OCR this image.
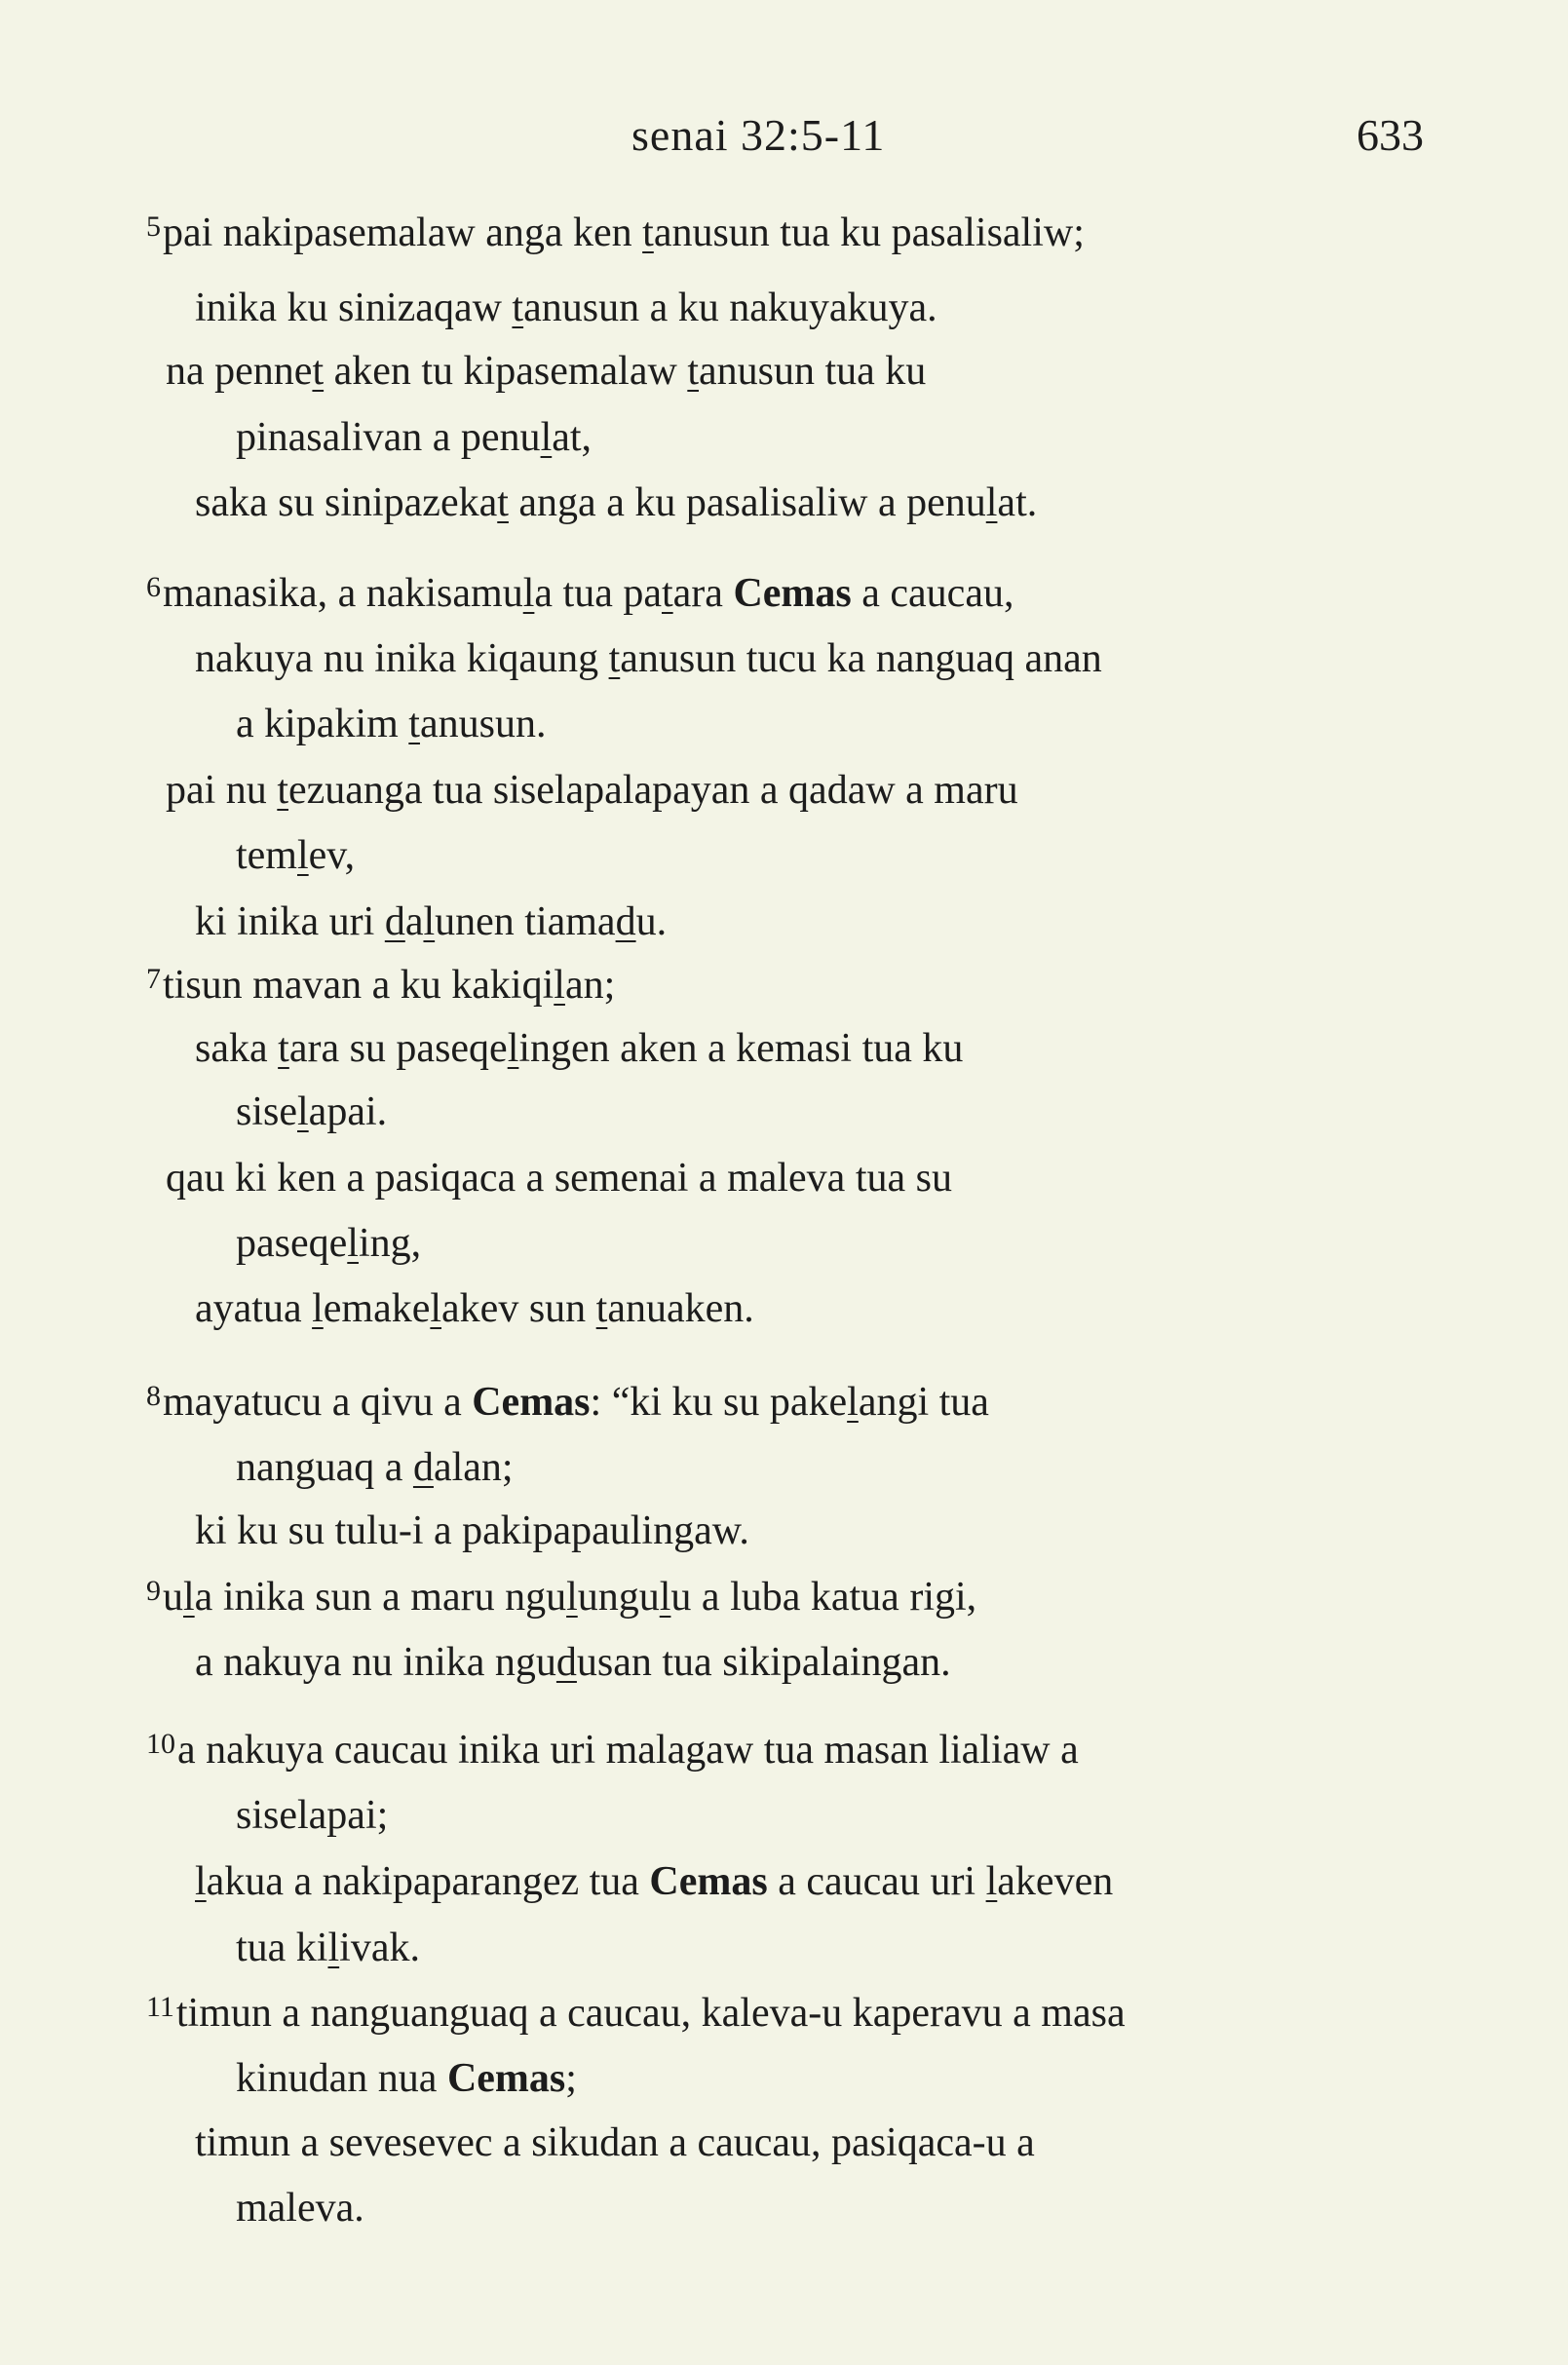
senai 32:5-11	633
$^5$pai nakipasemalaw anga ken tanusun tua ku pasalisaliw;
inika ku sinizaqaw tanusun a ku nakuyakuya.
na pennet aken tu kipasemalaw tanusun tua ku
pinasalivan a penulat,
saka su sinipazekat anga a ku pasalisaliw a penulat.
$^6$manasika, a nakisamula tua patara Cemas a caucau,
nakuya nu inika kiqaung tanusun tucu ka nanguaq anan
a kipakim tanusun.
pai nu tezuanga tua siselapalapayan a qadaw a maru
temlev,
ki inika uri dalunen tiamadu.
$^7$tisun mavan a ku kakiqilan;
saka tara su paseqelingen aken a kemasi tua ku
siselapai.
qau ki ken a pasiqaca a semenai a maleva tua su
paseqeling,
ayatua lemakelakev sun tanuaken.
$^8$mayatucu a qivu a Cemas: “ki ku su pakelangi tua
nanguaq a dalan;
ki ku su tulu-i a pakipapaulingaw.
$^9$ula inika sun a maru ngulungulu a luba katua rigi,
a nakuya nu inika ngudusan tua sikipalaingan.
$^{10}$a nakuya caucau inika uri malagaw tua masan lialiaw a
siselapai;
lakua a nakipaparangez tua Cemas a caucau uri lakeven
tua kilivak.
$^{11}$timun a nanguanguaq a caucau, kaleva-u kaperavu a masa
kinudan nua Cemas;
timun a sevesevec a sikudan a caucau, pasiqaca-u a
maleva.
